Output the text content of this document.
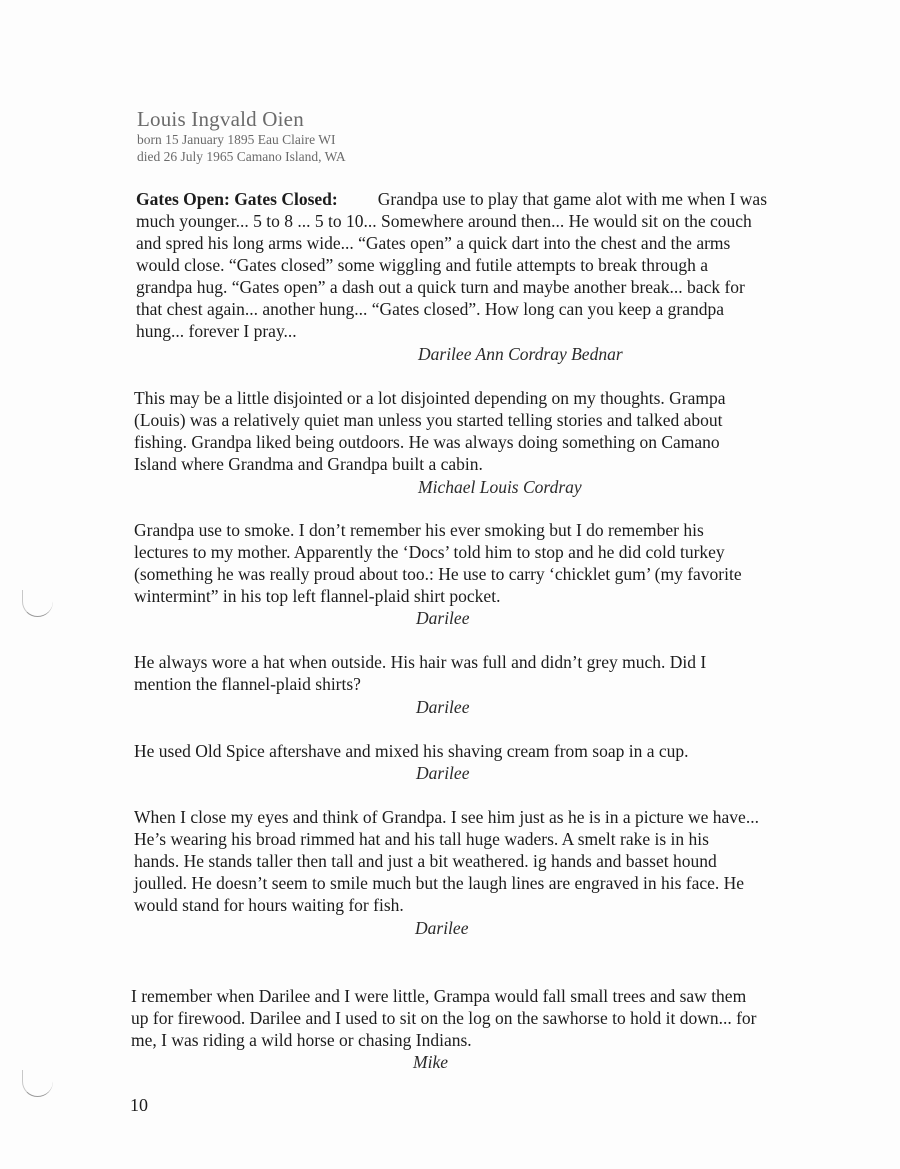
Louis Ingvald Oien
born 15 January 1895 Eau Claire WI
died 26 July 1965 Camano Island, WA
Gates Open: Gates Closed: Grandpa use to play that game alot with me when I was
much younger... 5 to 8 ... 5 to 10... Somewhere around then... He would sit on the couch
and spred his long arms wide... “Gates open” a quick dart into the chest and the arms
would close. “Gates closed” some wiggling and futile attempts to break through a
grandpa hug. “Gates open” a dash out a quick turn and maybe another break... back for
that chest again... another hung... “Gates closed”. How long can you keep a grandpa
hung... forever I pray...
Darilee Ann Cordray Bednar
This may be a little disjointed or a lot disjointed depending on my thoughts. Grampa
(Louis) was a relatively quiet man unless you started telling stories and talked about
fishing. Grandpa liked being outdoors. He was always doing something on Camano
Island where Grandma and Grandpa built a cabin.
Michael Louis Cordray
Grandpa use to smoke. I don’t remember his ever smoking but I do remember his
lectures to my mother. Apparently the ‘Docs’ told him to stop and he did cold turkey
(something he was really proud about too.: He use to carry ‘chicklet gum’ (my favorite
wintermint” in his top left flannel-plaid shirt pocket.
Darilee
He always wore a hat when outside. His hair was full and didn’t grey much. Did I
mention the flannel-plaid shirts?
Darilee
He used Old Spice aftershave and mixed his shaving cream from soap in a cup.
Darilee
When I close my eyes and think of Grandpa. I see him just as he is in a picture we have...
He’s wearing his broad rimmed hat and his tall huge waders. A smelt rake is in his
hands. He stands taller then tall and just a bit weathered. ig hands and basset hound
joulled. He doesn’t seem to smile much but the laugh lines are engraved in his face. He
would stand for hours waiting for fish.
Darilee
I remember when Darilee and I were little, Grampa would fall small trees and saw them
up for firewood. Darilee and I used to sit on the log on the sawhorse to hold it down... for
me, I was riding a wild horse or chasing Indians.
Mike
10
